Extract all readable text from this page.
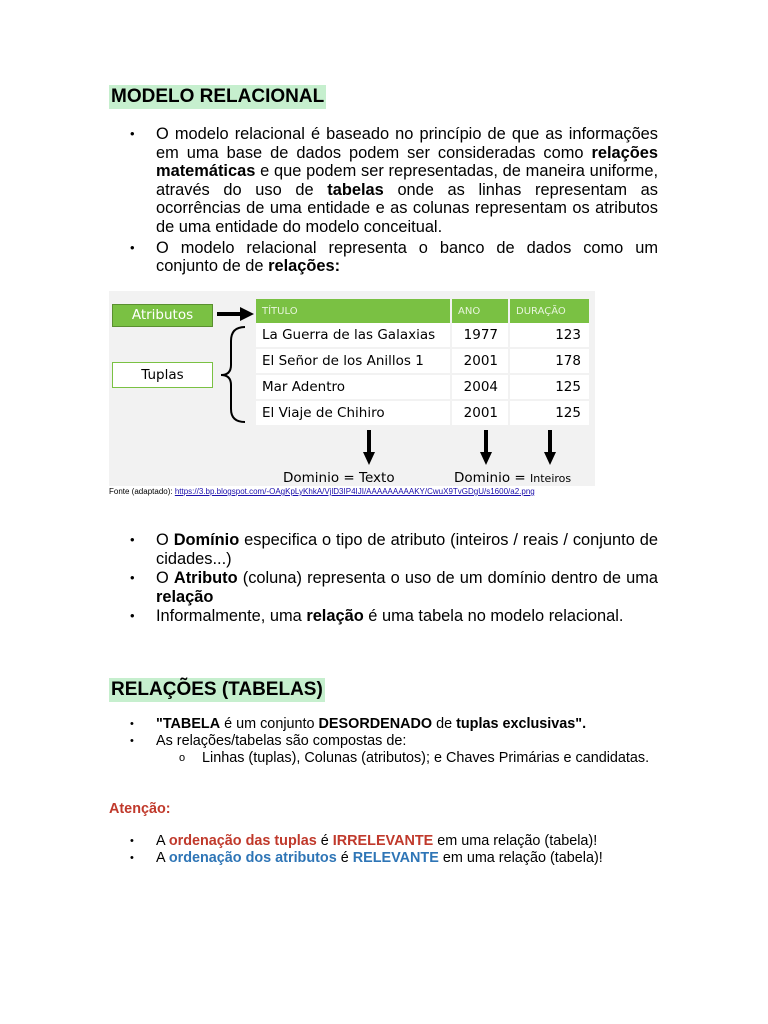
MODELO RELACIONAL
• O modelo relacional é baseado no princípio de que as informações em uma base de dados podem ser consideradas como relações matemáticas e que podem ser representadas, de maneira uniforme, através do uso de tabelas onde as linhas representam as ocorrências de uma entidade e as colunas representam os atributos de uma entidade do modelo conceitual.
• O modelo relacional representa o banco de dados como um conjunto de de relações:
Atributos
Tuplas
TÍTULO	ANO	DURAÇÃO
La Guerra de las Galaxias	1977	123
El Señor de los Anillos 1	2001	178
Mar Adentro	2004	125
El Viaje de Chihiro	2001	125
Dominio = Texto	Dominio = Inteiros
Fonte (adaptado): https://3.bp.blogspot.com/-OAgKpLyKhkA/VjlD3IP4IJI/AAAAAAAAAKY/CwuX9TvGDgU/s1600/a2.png
• O Domínio especifica o tipo de atributo (inteiros / reais / conjunto de cidades...)
• O Atributo (coluna) representa o uso de um domínio dentro de uma relação
• Informalmente, uma relação é uma tabela no modelo relacional.
RELAÇÕES (TABELAS)
• "TABELA é um conjunto DESORDENADO de tuplas exclusivas".
• As relações/tabelas são compostas de:
o Linhas (tuplas), Colunas (atributos); e Chaves Primárias e candidatas.
Atenção:
• A ordenação das tuplas é IRRELEVANTE em uma relação (tabela)!
• A ordenação dos atributos é RELEVANTE em uma relação (tabela)!
